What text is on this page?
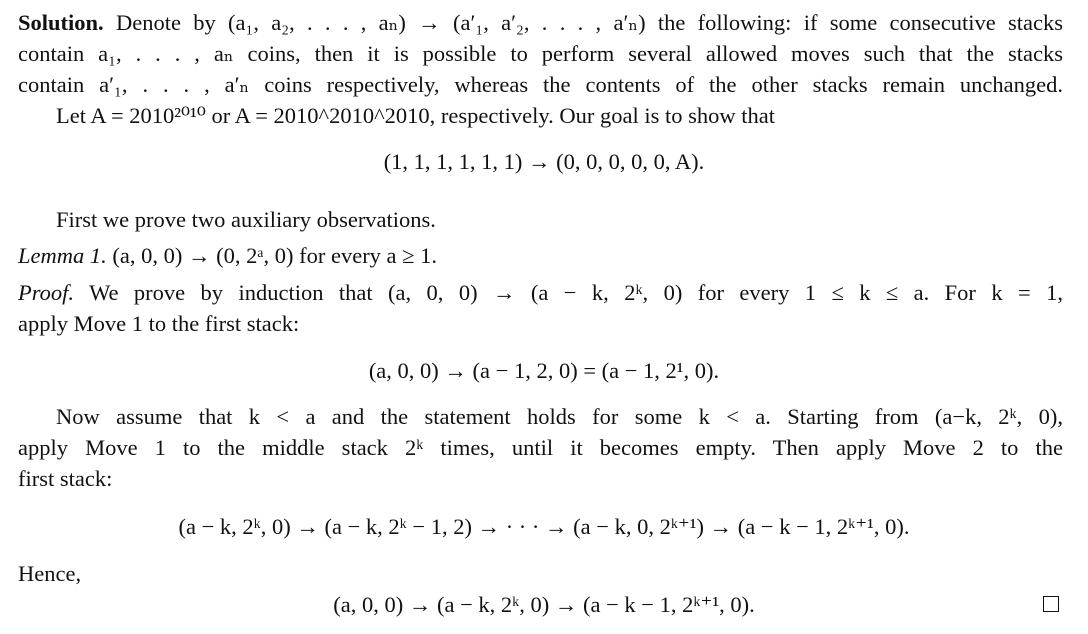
Solution. Denote by (a₁, a₂, . . . , aₙ) → (a′₁, a′₂, . . . , a′ₙ) the following: if some consecutive stacks
contain a₁, . . . , aₙ coins, then it is possible to perform several allowed moves such that the stacks
contain a′₁, . . . , a′ₙ coins respectively, whereas the contents of the other stacks remain unchanged.
Let A = 2010²⁰¹⁰ or A = 2010^2010^2010, respectively. Our goal is to show that
(1, 1, 1, 1, 1, 1) → (0, 0, 0, 0, 0, A).
First we prove two auxiliary observations.
Lemma 1. (a, 0, 0) → (0, 2ᵃ, 0) for every a ≥ 1.
Proof. We prove by induction that (a, 0, 0) → (a − k, 2ᵏ, 0) for every 1 ≤ k ≤ a. For k = 1,
apply Move 1 to the first stack:
(a, 0, 0) → (a − 1, 2, 0) = (a − 1, 2¹, 0).
Now assume that k < a and the statement holds for some k < a. Starting from (a−k, 2ᵏ, 0),
apply Move 1 to the middle stack 2ᵏ times, until it becomes empty. Then apply Move 2 to the
first stack:
(a − k, 2ᵏ, 0) → (a − k, 2ᵏ − 1, 2) → · · · → (a − k, 0, 2ᵏ⁺¹) → (a − k − 1, 2ᵏ⁺¹, 0).
Hence,
(a, 0, 0) → (a − k, 2ᵏ, 0) → (a − k − 1, 2ᵏ⁺¹, 0).
